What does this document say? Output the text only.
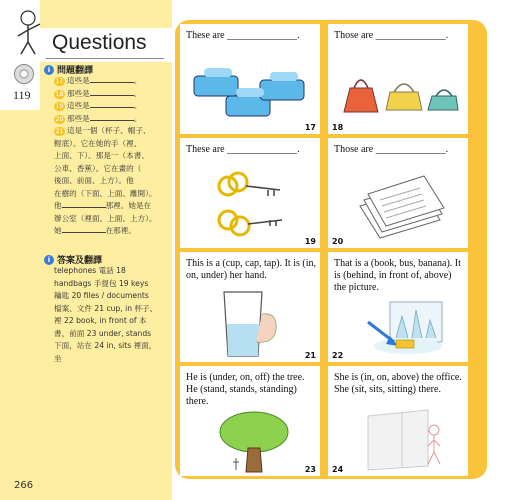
Questions
119
i 問題翻譯
17 這些是	。
18 那些是	。
19 這些是	。
20 那些是	。
21 這是一個（杯子、帽子、
輕底）。它在她的手（裡、
上面、下）。那是一（本書、
公車、香蕉）。它在畫的（
後面、前面、上方）。他
在樹的（下面、上面、離開）。
他	那裡。她是在
辦公室（裡面、上面、上方）。
她	在那裡。
i 答案及翻譯
telephones 電話 18
handbags 手提包 19 keys
鑰匙 20 files / documents
檔案、文件 21 cup, in 杯子、
裡 22 book, in front of 本
書，前面 23 under, stands
下面，站在 24 in, sits 裡面，
坐
266
These are ______________.
17
Those are ______________.
18
These are ______________.
19
Those are ______________.
20
This is a (cup, cap, tap). It is (in, on, under) her hand.
21
That is a (book, bus, banana). It is (behind, in front of, above) the picture.
22
He is (under, on, off) the tree. He (stand, stands, standing) there.
23
She is (in, on, above) the office. She (sit, sits, sitting) there.
24
